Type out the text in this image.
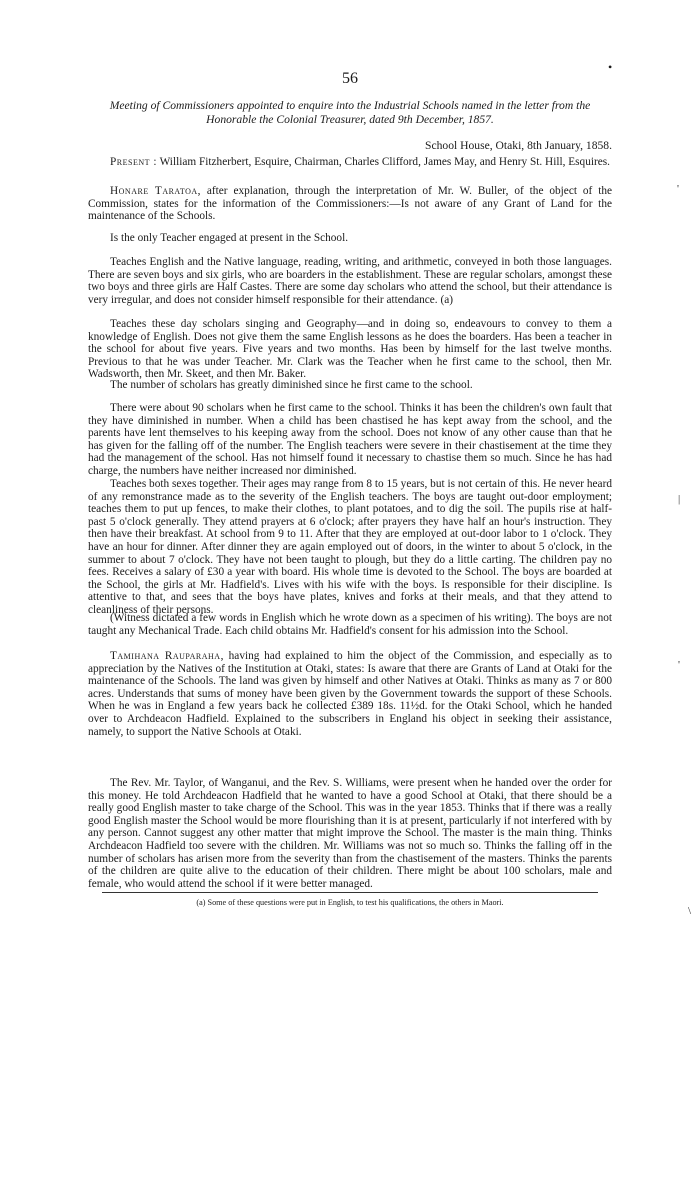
56
•
Meeting of Commissioners appointed to enquire into the Industrial Schools named in the letter from the Honorable the Colonial Treasurer, dated 9th December, 1857.
School House, Otaki, 8th January, 1858.

Present : William Fitzherbert, Esquire, Chairman, Charles Clifford, James May, and Henry St. Hill, Esquires.

Honare Taratoa, after explanation, through the interpretation of Mr. W. Buller, of the object of the Commission, states for the information of the Commissioners:—Is not aware of any Grant of Land for the maintenance of the Schools.

Is the only Teacher engaged at present in the School.

Teaches English and the Native language, reading, writing, and arithmetic, conveyed in both those languages. There are seven boys and six girls, who are boarders in the establishment. These are regular scholars, amongst these two boys and three girls are Half Castes. There are some day scholars who attend the school, but their attendance is very irregular, and does not consider himself responsible for their attendance. (a)

Teaches these day scholars singing and Geography—and in doing so, endeavours to convey to them a knowledge of English. Does not give them the same English lessons as he does the boarders. Has been a teacher in the school for about five years. Five years and two months. Has been by himself for the last twelve months. Previous to that he was under Teacher. Mr. Clark was the Teacher when he first came to the school, then Mr. Wadsworth, then Mr. Skeet, and then Mr. Baker.

The number of scholars has greatly diminished since he first came to the school.

There were about 90 scholars when he first came to the school. Thinks it has been the children's own fault that they have diminished in number. When a child has been chastised he has kept away from the school, and the parents have lent themselves to his keeping away from the school. Does not know of any other cause than that he has given for the falling off of the number. The English teachers were severe in their chastisement at the time they had the management of the school. Has not himself found it necessary to chastise them so much. Since he has had charge, the numbers have neither increased nor diminished.

Teaches both sexes together. Their ages may range from 8 to 15 years, but is not certain of this. He never heard of any remonstrance made as to the severity of the English teachers. The boys are taught out-door employment; teaches them to put up fences, to make their clothes, to plant potatoes, and to dig the soil. The pupils rise at half-past 5 o'clock generally. They attend prayers at 6 o'clock; after prayers they have half an hour's instruction. They then have their breakfast. At school from 9 to 11. After that they are employed at out-door labor to 1 o'clock. They have an hour for dinner. After dinner they are again employed out of doors, in the winter to about 5 o'clock, in the summer to about 7 o'clock. They have not been taught to plough, but they do a little carting. The children pay no fees. Receives a salary of £30 a year with board. His whole time is devoted to the School. The boys are boarded at the School, the girls at Mr. Hadfield's. Lives with his wife with the boys. Is responsible for their discipline. Is attentive to that, and sees that the boys have plates, knives and forks at their meals, and that they attend to cleanliness of their persons.

(Witness dictated a few words in English which he wrote down as a specimen of his writing). The boys are not taught any Mechanical Trade. Each child obtains Mr. Hadfield's consent for his admission into the School.

Tamihana Rauparaha, having had explained to him the object of the Commission, and especially as to appreciation by the Natives of the Institution at Otaki, states: Is aware that there are Grants of Land at Otaki for the maintenance of the Schools. The land was given by himself and other Natives at Otaki. Thinks as many as 7 or 800 acres. Understands that sums of money have been given by the Government towards the support of these Schools. When he was in England a few years back he collected £389 18s. 11½d. for the Otaki School, which he handed over to Archdeacon Hadfield. Explained to the subscribers in England his object in seeking their assistance, namely, to support the Native Schools at Otaki.

The Rev. Mr. Taylor, of Wanganui, and the Rev. S. Williams, were present when he handed over the order for this money. He told Archdeacon Hadfield that he wanted to have a good School at Otaki, that there should be a really good English master to take charge of the School. This was in the year 1853. Thinks that if there was a really good English master the School would be more flourishing than it is at present, particularly if not interfered with by any person. Cannot suggest any other matter that might improve the School. The master is the main thing. Thinks Archdeacon Hadfield too severe with the children. Mr. Williams was not so much so. Thinks the falling off in the number of scholars has arisen more from the severity than from the chastisement of the masters. Thinks the parents of the children are quite alive to the education of their children. There might be about 100 scholars, male and female, who would attend the school if it were better managed.

(a) Some of these questions were put in English, to test his qualifications, the others in Maori.
'
|
'
\
